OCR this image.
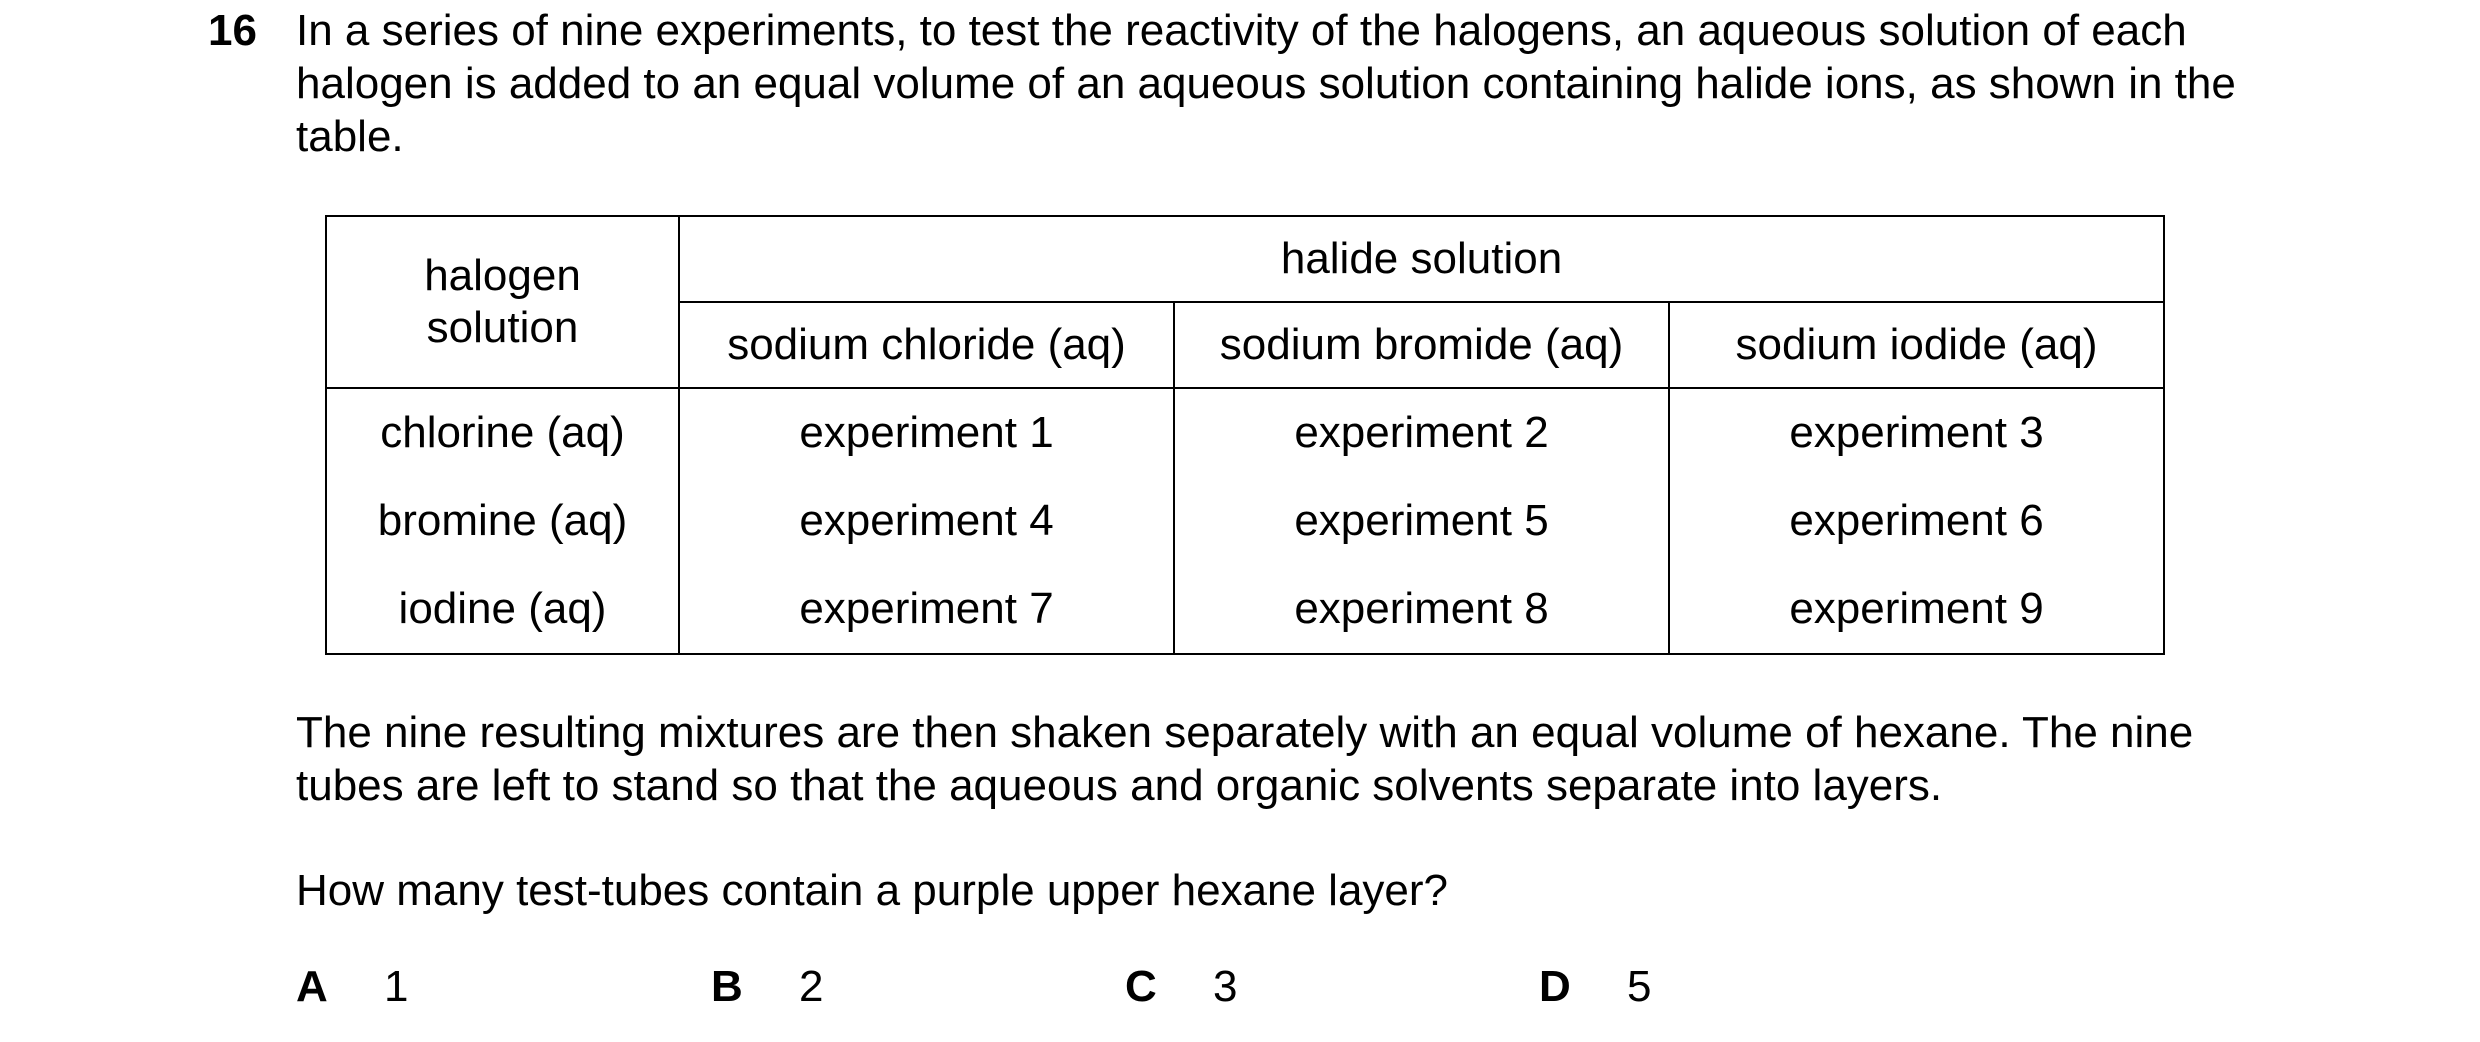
16 In a series of nine experiments, to test the reactivity of the halogens, an aqueous solution of each halogen is added to an equal volume of an aqueous solution containing halide ions, as shown in the table.
halogen
solution	halide solution		
	sodium chloride (aq)	sodium bromide (aq)	sodium iodide (aq)
chlorine (aq)	experiment 1	experiment 2	experiment 3
bromine (aq)	experiment 4	experiment 5	experiment 6
iodine (aq)	experiment 7	experiment 8	experiment 9
The nine resulting mixtures are then shaken separately with an equal volume of hexane. The nine tubes are left to stand so that the aqueous and organic solvents separate into layers.
How many test-tubes contain a purple upper hexane layer?
A 1	B 2	C 3	D 5
